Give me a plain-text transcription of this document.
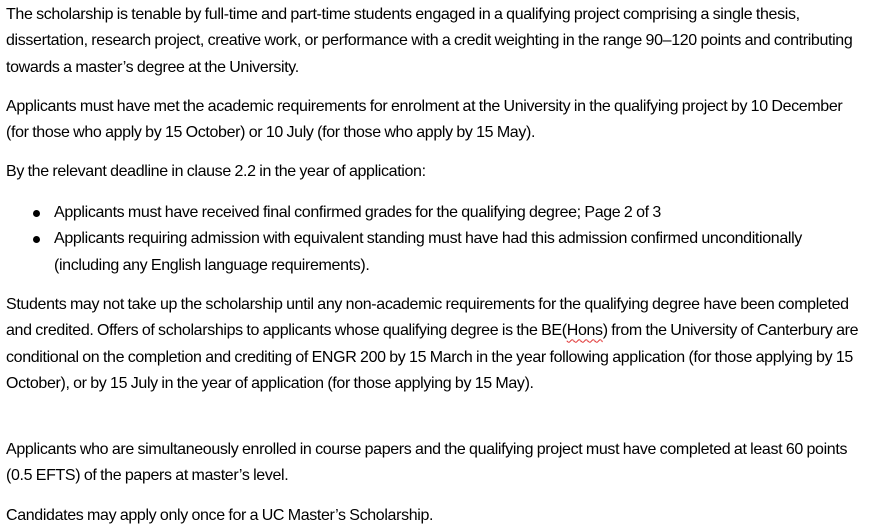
The scholarship is tenable by full-time and part-time students engaged in a qualifying project comprising a single thesis, dissertation, research project, creative work, or performance with a credit weighting in the range 90–120 points and contributing towards a master’s degree at the University.

Applicants must have met the academic requirements for enrolment at the University in the qualifying project by 10 December (for those who apply by 15 October) or 10 July (for those who apply by 15 May).

By the relevant deadline in clause 2.2 in the year of application:

Applicants must have received final confirmed grades for the qualifying degree; Page 2 of 3
Applicants requiring admission with equivalent standing must have had this admission confirmed unconditionally (including any English language requirements).

Students may not take up the scholarship until any non-academic requirements for the qualifying degree have been completed and credited. Offers of scholarships to applicants whose qualifying degree is the BE(Hons) from the University of Canterbury are conditional on the completion and crediting of ENGR 200 by 15 March in the year following application (for those applying by 15 October), or by 15 July in the year of application (for those applying by 15 May).

Applicants who are simultaneously enrolled in course papers and the qualifying project must have completed at least 60 points (0.5 EFTS) of the papers at master’s level.

Candidates may apply only once for a UC Master’s Scholarship.
